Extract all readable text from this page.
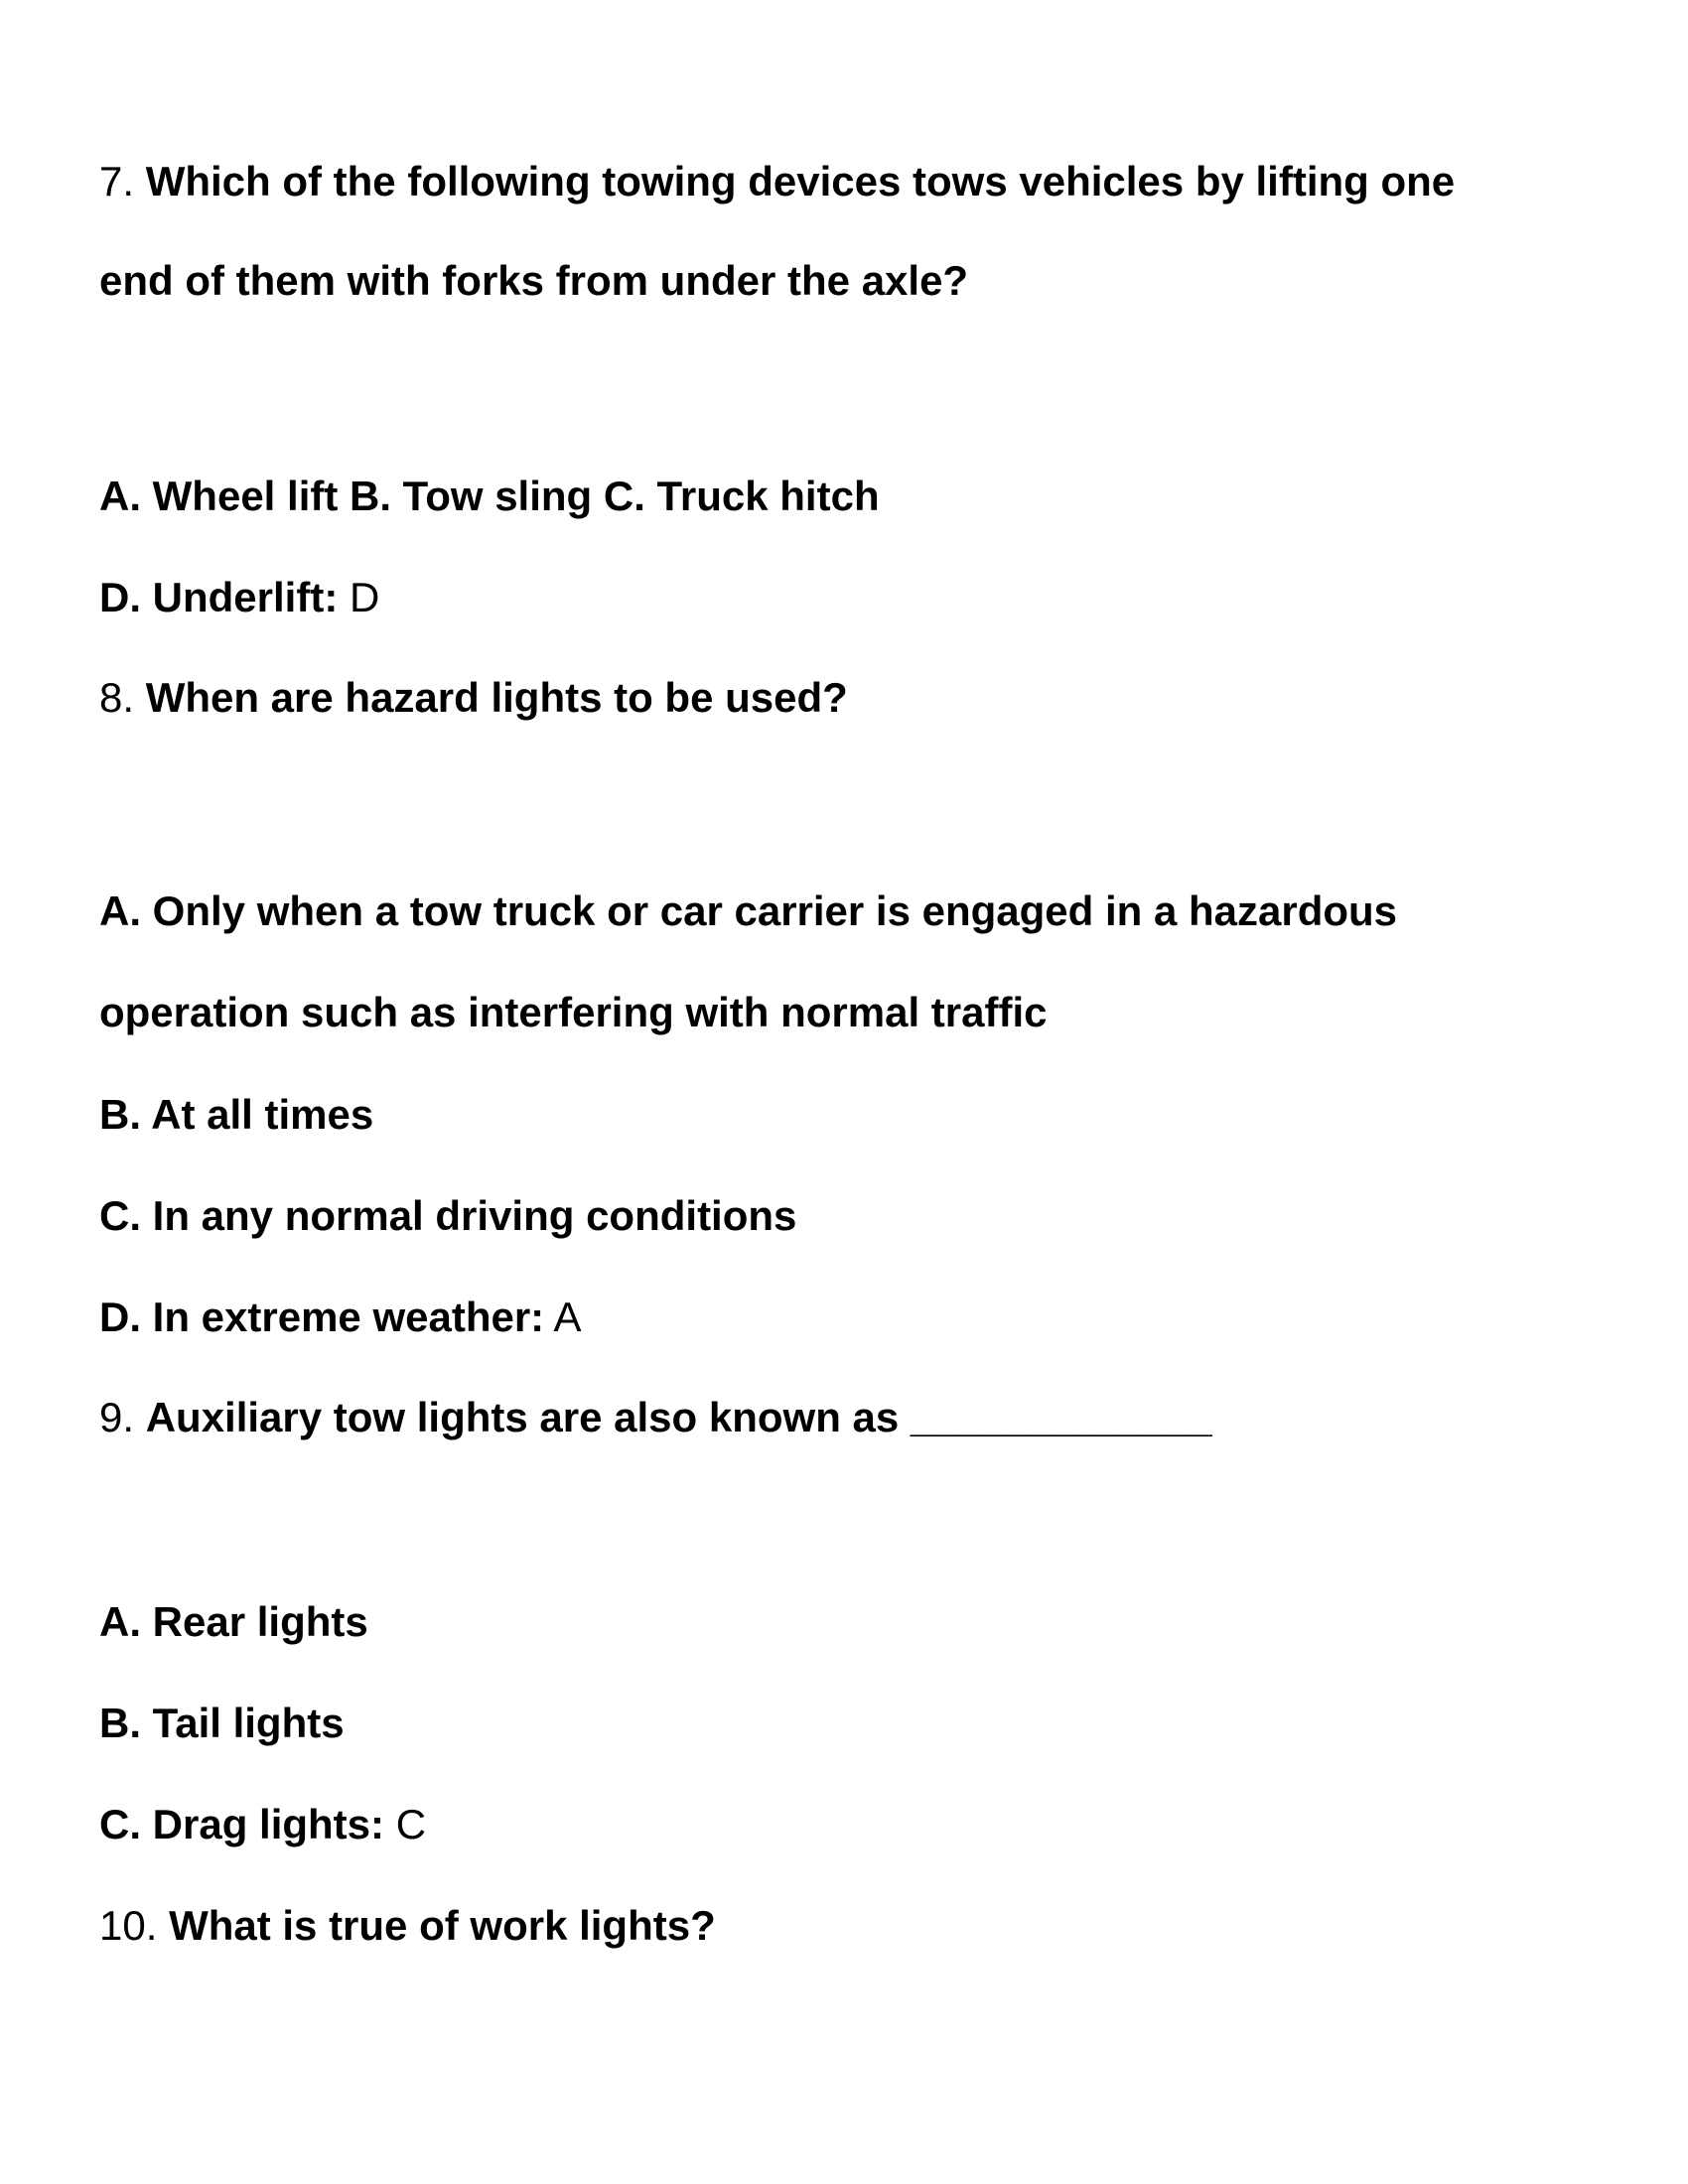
7. Which of the following towing devices tows vehicles by lifting one
end of them with forks from under the axle?
A. Wheel lift B. Tow sling C. Truck hitch
D. Underlift: D
8. When are hazard lights to be used?
A. Only when a tow truck or car carrier is engaged in a hazardous
operation such as interfering with normal traffic
B. At all times
C. In any normal driving conditions
D. In extreme weather: A
9. Auxiliary tow lights are also known as _____________
A. Rear lights
B. Tail lights
C. Drag lights: C
10. What is true of work lights?
